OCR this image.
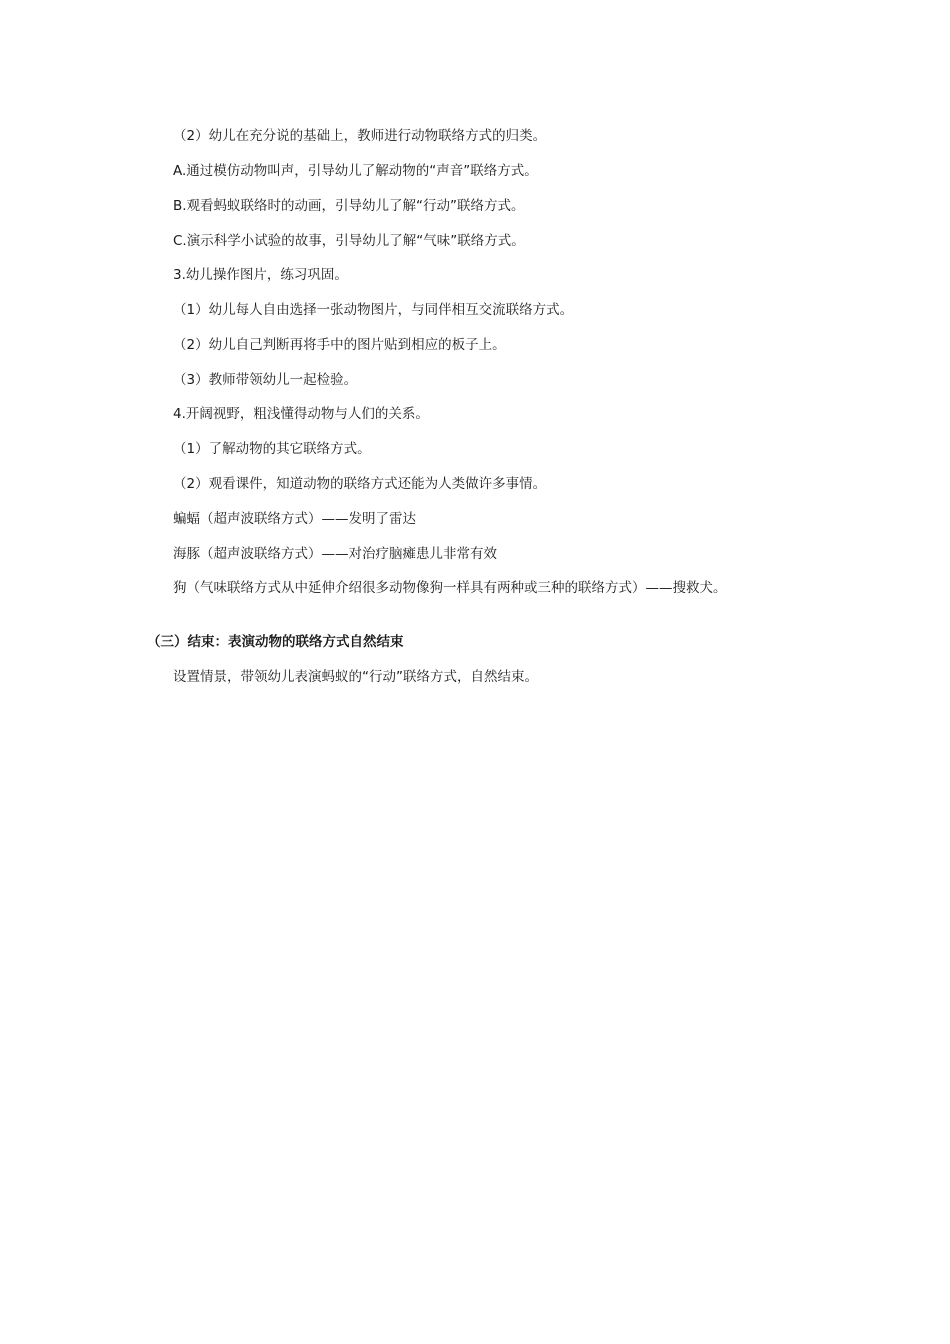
（2）幼儿在充分说的基础上，教师进行动物联络方式的归类。
A.通过模仿动物叫声，引导幼儿了解动物的“声音”联络方式。
B.观看蚂蚁联络时的动画，引导幼儿了解“行动”联络方式。
C.演示科学小试验的故事，引导幼儿了解“气味”联络方式。
3.幼儿操作图片，练习巩固。
（1）幼儿每人自由选择一张动物图片，与同伴相互交流联络方式。
（2）幼儿自己判断再将手中的图片贴到相应的板子上。
（3）教师带领幼儿一起检验。
4.开阔视野，粗浅懂得动物与人们的关系。
（1）了解动物的其它联络方式。
（2）观看课件，知道动物的联络方式还能为人类做许多事情。
蝙蝠（超声波联络方式）——发明了雷达
海豚（超声波联络方式）——对治疗脑瘫患儿非常有效
狗（气味联络方式从中延伸介绍很多动物像狗一样具有两种或三种的联络方式）——搜救犬。
（三）结束：表演动物的联络方式自然结束
设置情景，带领幼儿表演蚂蚁的“行动”联络方式，自然结束。
